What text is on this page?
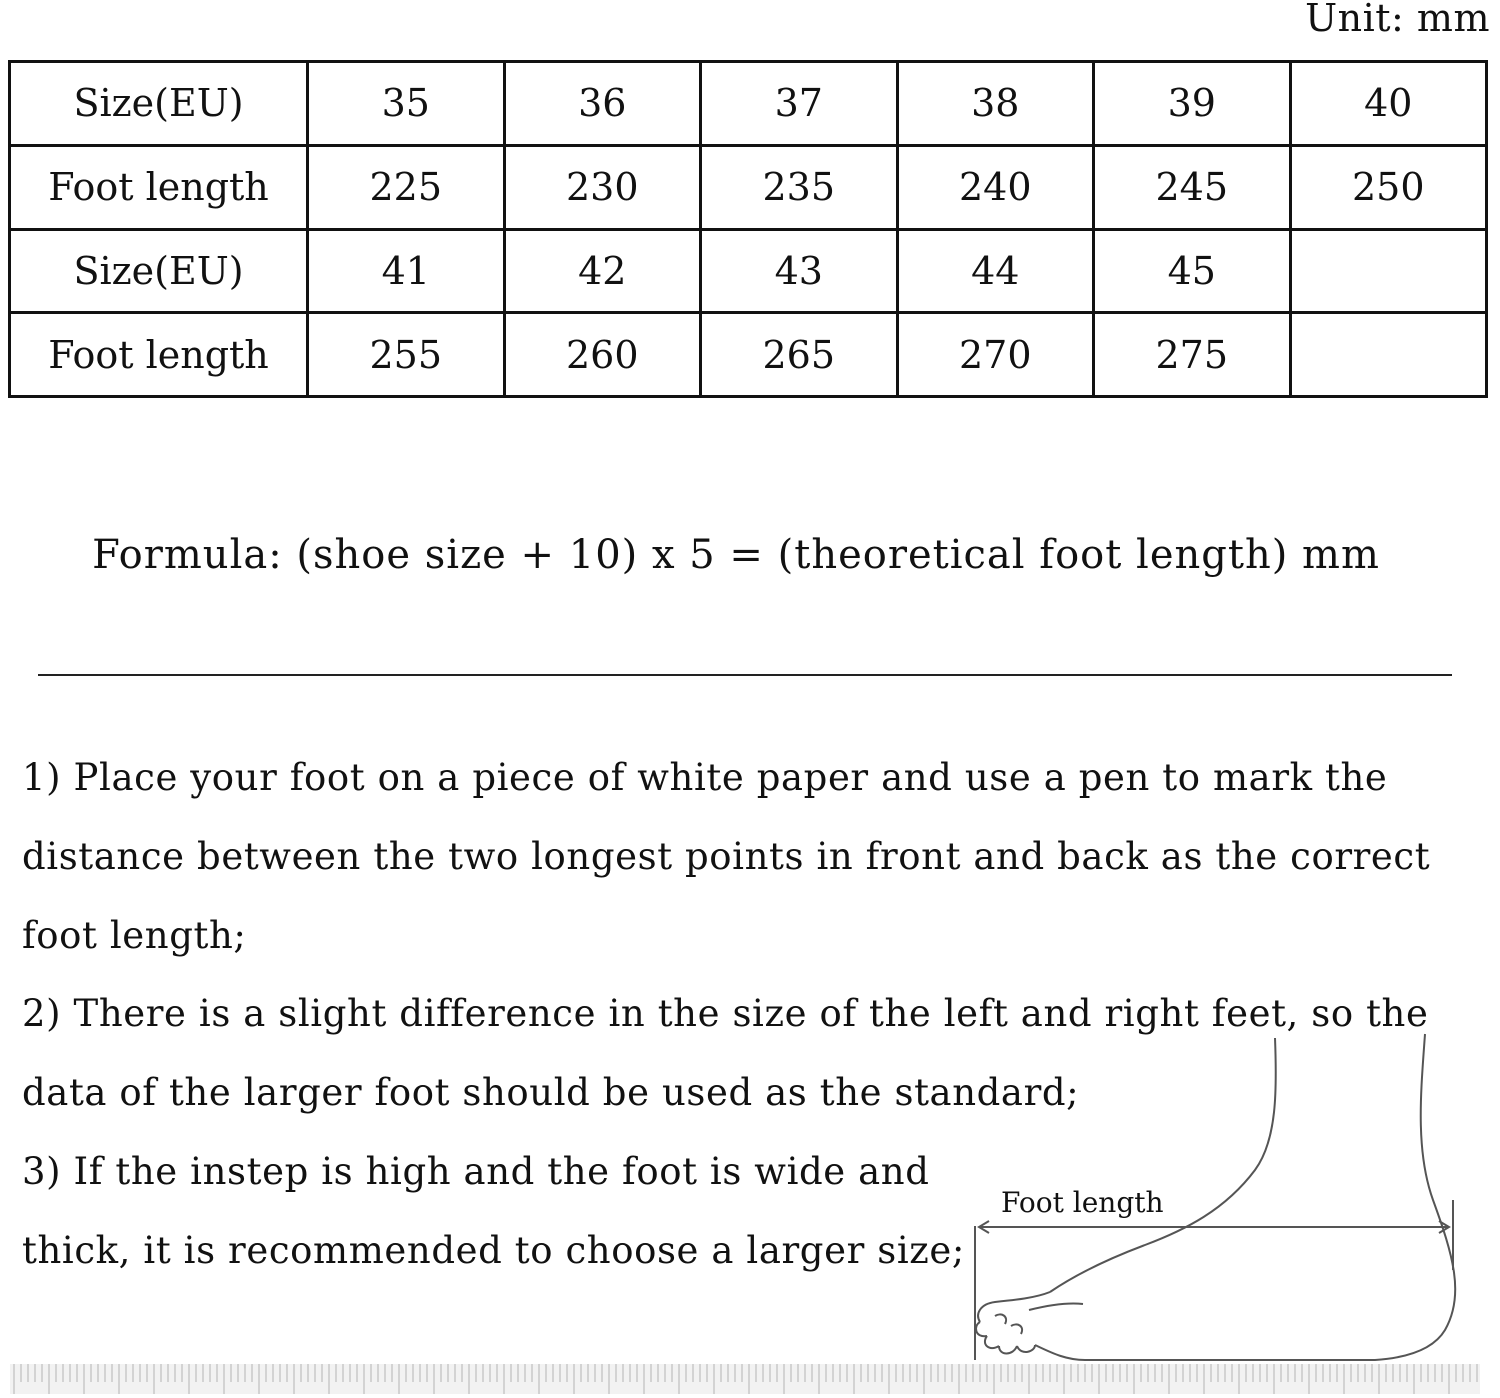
Unit: mm
Size(EU)	35	36	37	38	39	40
Foot length	225	230	235	240	245	250
Size(EU)	41	42	43	44	45	
Foot length	255	260	265	270	275	
Formula: (shoe size + 10) x 5 = (theoretical foot length) mm
1) Place your foot on a piece of white paper and use a pen to mark the
distance between the two longest points in front and back as the correct
foot length;
2) There is a slight difference in the size of the left and right feet, so the
data of the larger foot should be used as the standard;
3) If the instep is high and the foot is wide and
thick, it is recommended to choose a larger size;
Foot length
